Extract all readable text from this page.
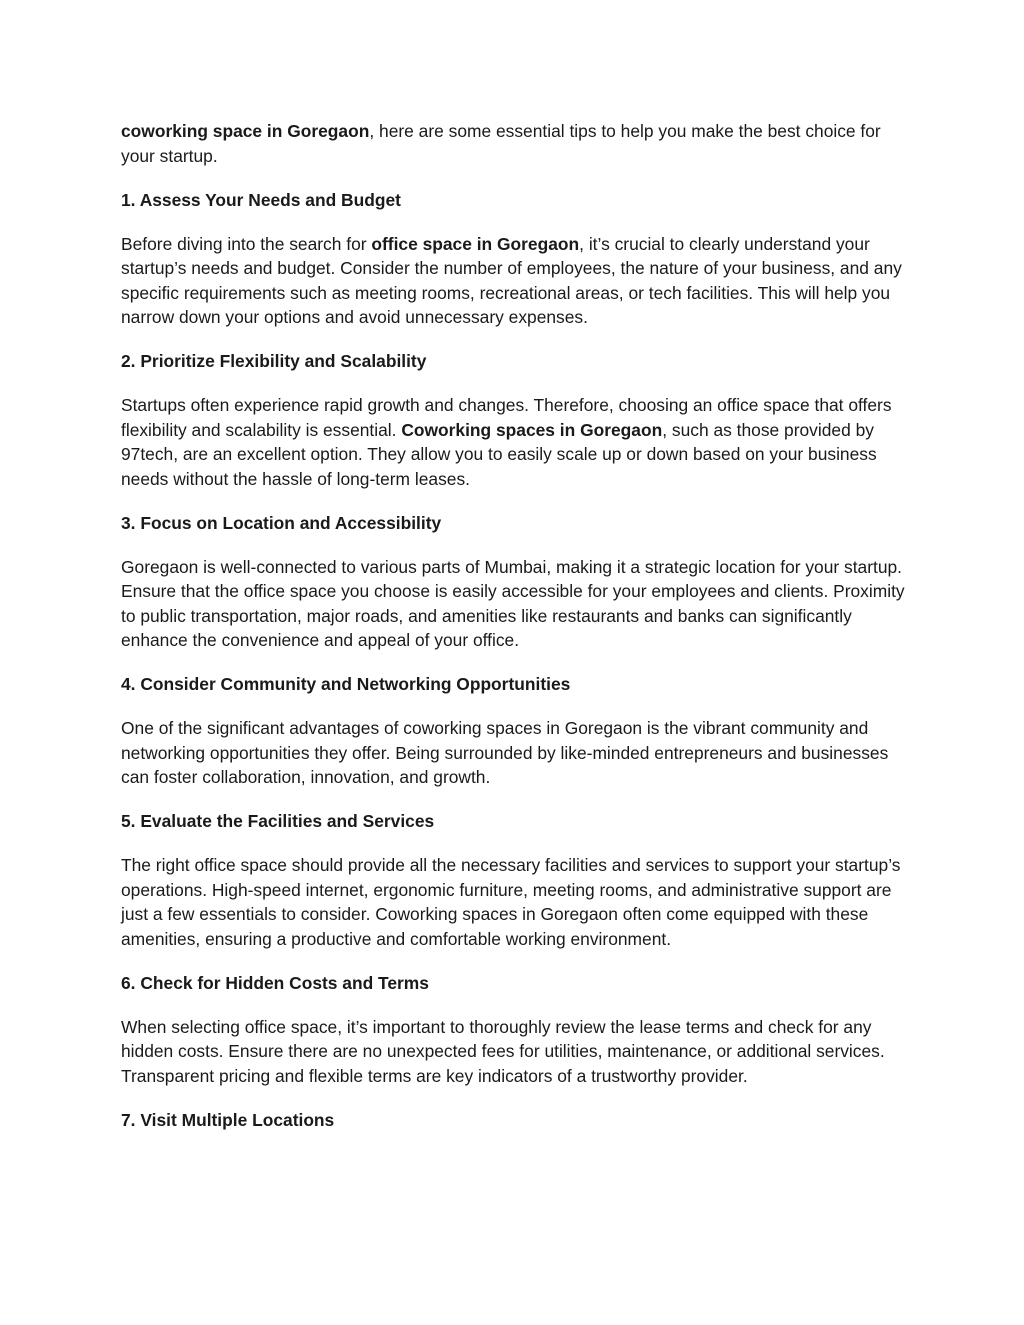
coworking space in Goregaon, here are some essential tips to help you make the best choice for your startup.

1. Assess Your Needs and Budget

Before diving into the search for office space in Goregaon, it’s crucial to clearly understand your startup’s needs and budget. Consider the number of employees, the nature of your business, and any specific requirements such as meeting rooms, recreational areas, or tech facilities. This will help you narrow down your options and avoid unnecessary expenses.

2. Prioritize Flexibility and Scalability

Startups often experience rapid growth and changes. Therefore, choosing an office space that offers flexibility and scalability is essential. Coworking spaces in Goregaon, such as those provided by 97tech, are an excellent option. They allow you to easily scale up or down based on your business needs without the hassle of long-term leases.

3. Focus on Location and Accessibility

Goregaon is well-connected to various parts of Mumbai, making it a strategic location for your startup. Ensure that the office space you choose is easily accessible for your employees and clients. Proximity to public transportation, major roads, and amenities like restaurants and banks can significantly enhance the convenience and appeal of your office.

4. Consider Community and Networking Opportunities

One of the significant advantages of coworking spaces in Goregaon is the vibrant community and networking opportunities they offer. Being surrounded by like-minded entrepreneurs and businesses can foster collaboration, innovation, and growth.

5. Evaluate the Facilities and Services

The right office space should provide all the necessary facilities and services to support your startup’s operations. High-speed internet, ergonomic furniture, meeting rooms, and administrative support are just a few essentials to consider. Coworking spaces in Goregaon often come equipped with these amenities, ensuring a productive and comfortable working environment.

6. Check for Hidden Costs and Terms

When selecting office space, it’s important to thoroughly review the lease terms and check for any hidden costs. Ensure there are no unexpected fees for utilities, maintenance, or additional services. Transparent pricing and flexible terms are key indicators of a trustworthy provider.

7. Visit Multiple Locations
